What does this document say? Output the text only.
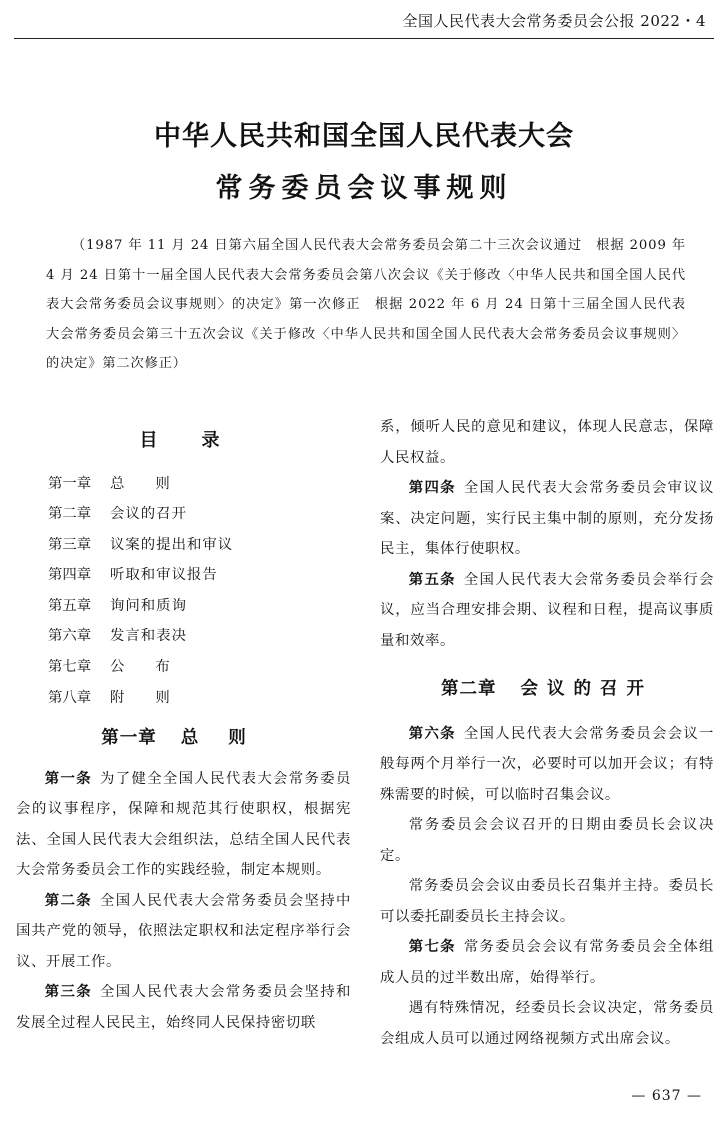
全国人民代表大会常务委员会公报 2022・4
中华人民共和国全国人民代表大会
常务委员会议事规则
（1987 年 11 月 24 日第六届全国人民代表大会常务委员会第二十三次会议通过　根据 2009 年 4 月 24 日第十一届全国人民代表大会常务委员会第八次会议《关于修改〈中华人民共和国全国人民代表大会常务委员会议事规则〉的决定》第一次修正　根据 2022 年 6 月 24 日第十三届全国人民代表大会常务委员会第三十五次会议《关于修改〈中华人民共和国全国人民代表大会常务委员会议事规则〉的决定》第二次修正）
目录
第一章	总则
第二章	会议的召开
第三章	议案的提出和审议
第四章	听取和审议报告
第五章	询问和质询
第六章	发言和表决
第七章	公布
第八章	附则
第一章 总则

第一条 为了健全全国人民代表大会常务委员会的议事程序，保障和规范其行使职权，根据宪法、全国人民代表大会组织法，总结全国人民代表大会常务委员会工作的实践经验，制定本规则。

第二条 全国人民代表大会常务委员会坚持中国共产党的领导，依照法定职权和法定程序举行会议、开展工作。

第三条 全国人民代表大会常务委员会坚持和发展全过程人民民主，始终同人民保持密切联

系，倾听人民的意见和建议，体现人民意志，保障人民权益。

第四条 全国人民代表大会常务委员会审议议案、决定问题，实行民主集中制的原则，充分发扬民主，集体行使职权。

第五条 全国人民代表大会常务委员会举行会议，应当合理安排会期、议程和日程，提高议事质量和效率。

第二章 会议的召开

第六条 全国人民代表大会常务委员会会议一般每两个月举行一次，必要时可以加开会议；有特殊需要的时候，可以临时召集会议。

常务委员会会议召开的日期由委员长会议决定。

常务委员会会议由委员长召集并主持。委员长可以委托副委员长主持会议。

第七条 常务委员会会议有常务委员会全体组成人员的过半数出席，始得举行。

遇有特殊情况，经委员长会议决定，常务委员会组成人员可以通过网络视频方式出席会议。

— 637 —
